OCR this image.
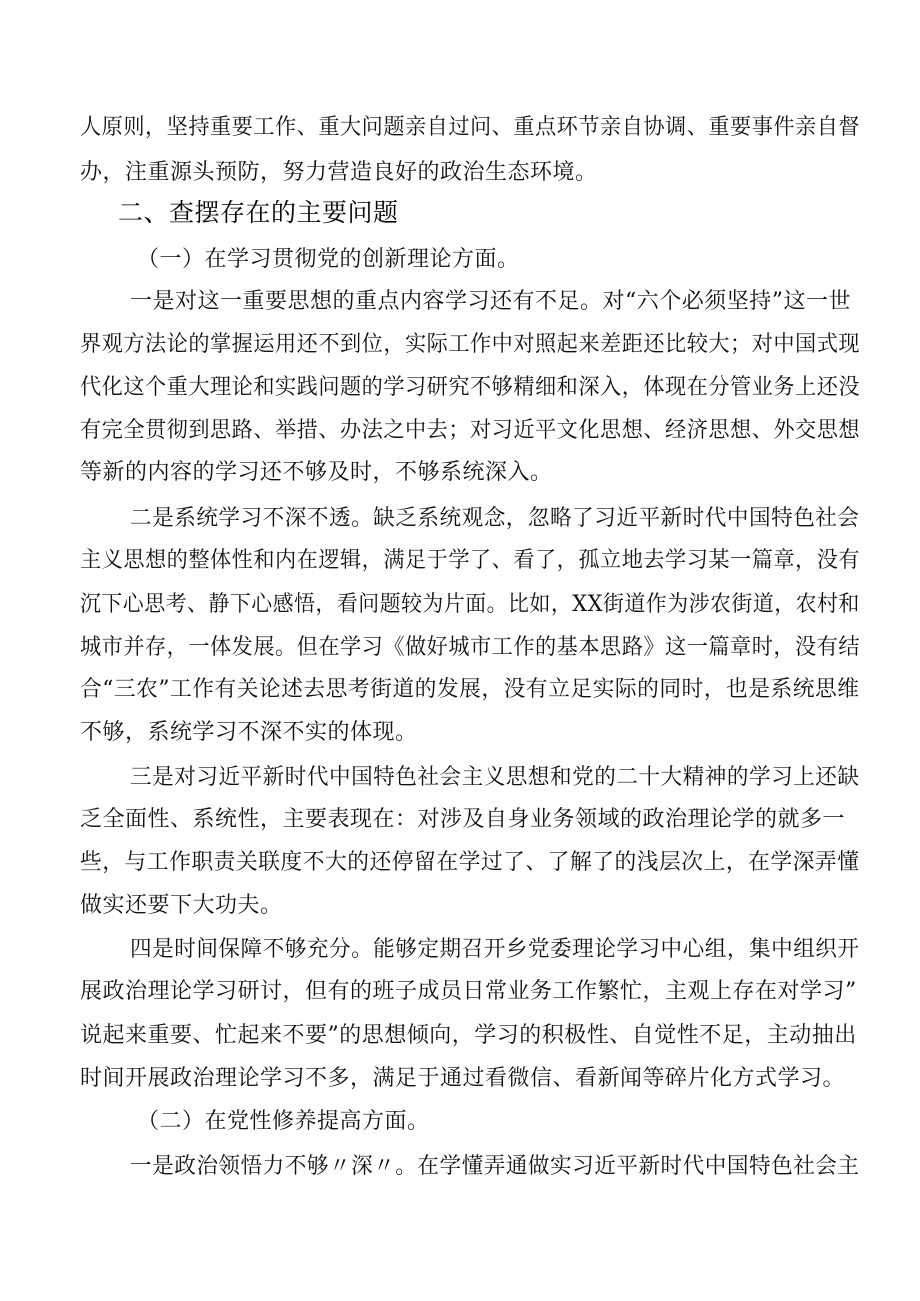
人原则，坚持重要工作、重大问题亲自过问、重点环节亲自协调、重要事件亲自督
办，注重源头预防，努力营造良好的政治生态环境。
二、查摆存在的主要问题
（一）在学习贯彻党的创新理论方面。
一是对这一重要思想的重点内容学习还有不足。对“六个必须坚持”这一世
界观方法论的掌握运用还不到位，实际工作中对照起来差距还比较大；对中国式现
代化这个重大理论和实践问题的学习研究不够精细和深入，体现在分管业务上还没
有完全贯彻到思路、举措、办法之中去；对习近平文化思想、经济思想、外交思想
等新的内容的学习还不够及时，不够系统深入。
二是系统学习不深不透。缺乏系统观念，忽略了习近平新时代中国特色社会
主义思想的整体性和内在逻辑，满足于学了、看了，孤立地去学习某一篇章，没有
沉下心思考、静下心感悟，看问题较为片面。比如，XX街道作为涉农街道，农村和
城市并存，一体发展。但在学习《做好城市工作的基本思路》这一篇章时，没有结
合“三农”工作有关论述去思考街道的发展，没有立足实际的同时，也是系统思维
不够，系统学习不深不实的体现。
三是对习近平新时代中国特色社会主义思想和党的二十大精神的学习上还缺
乏全面性、系统性，主要表现在：对涉及自身业务领域的政治理论学的就多一
些，与工作职责关联度不大的还停留在学过了、了解了的浅层次上，在学深弄懂
做实还要下大功夫。
四是时间保障不够充分。能够定期召开乡党委理论学习中心组，集中组织开
展政治理论学习研讨，但有的班子成员日常业务工作繁忙，主观上存在对学习”
说起来重要、忙起来不要”的思想倾向，学习的积极性、自觉性不足，主动抽出
时间开展政治理论学习不多，满足于通过看微信、看新闻等碎片化方式学习。
（二）在党性修养提高方面。
一是政治领悟力不够〃深〃。在学懂弄通做实习近平新时代中国特色社会主
